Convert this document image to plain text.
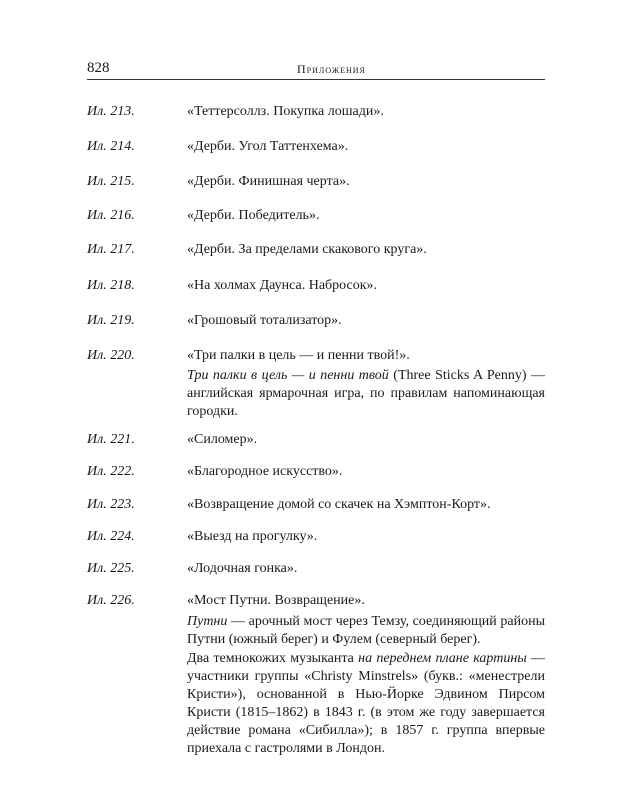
828	Приложения
Ил. 213.	«Теттерсоллз. Покупка лошади».
Ил. 214.	«Дерби. Угол Таттенхема».
Ил. 215.	«Дерби. Финишная черта».
Ил. 216.	«Дерби. Победитель».
Ил. 217.	«Дерби. За пределами скакового круга».
Ил. 218.	«На холмах Даунса. Набросок».
Ил. 219.	«Грошовый тотализатор».
Ил. 220.	«Три палки в цель — и пенни твой!».
Три палки в цель — и пенни твой (Three Sticks A Penny) — английская ярмарочная игра, по правилам напоминающая городки.
Ил. 221.	«Силомер».
Ил. 222.	«Благородное искусство».
Ил. 223.	«Возвращение домой со скачек на Хэмптон-Корт».
Ил. 224.	«Выезд на прогулку».
Ил. 225.	«Лодочная гонка».
Ил. 226.	«Мост Путни. Возвращение».
Путни — арочный мост через Темзу, соединяющий районы Путни (южный берег) и Фулем (северный берег).
Два темнокожих музыканта на переднем плане картины — участники группы «Christy Minstrels» (букв.: «менестрели Кристи»), основанной в Нью-Йорке Эдвином Пирсом Кристи (1815–1862) в 1843 г. (в этом же году завершается действие романа «Сибилла»); в 1857 г. группа впервые приехала с гастролями в Лондон.
